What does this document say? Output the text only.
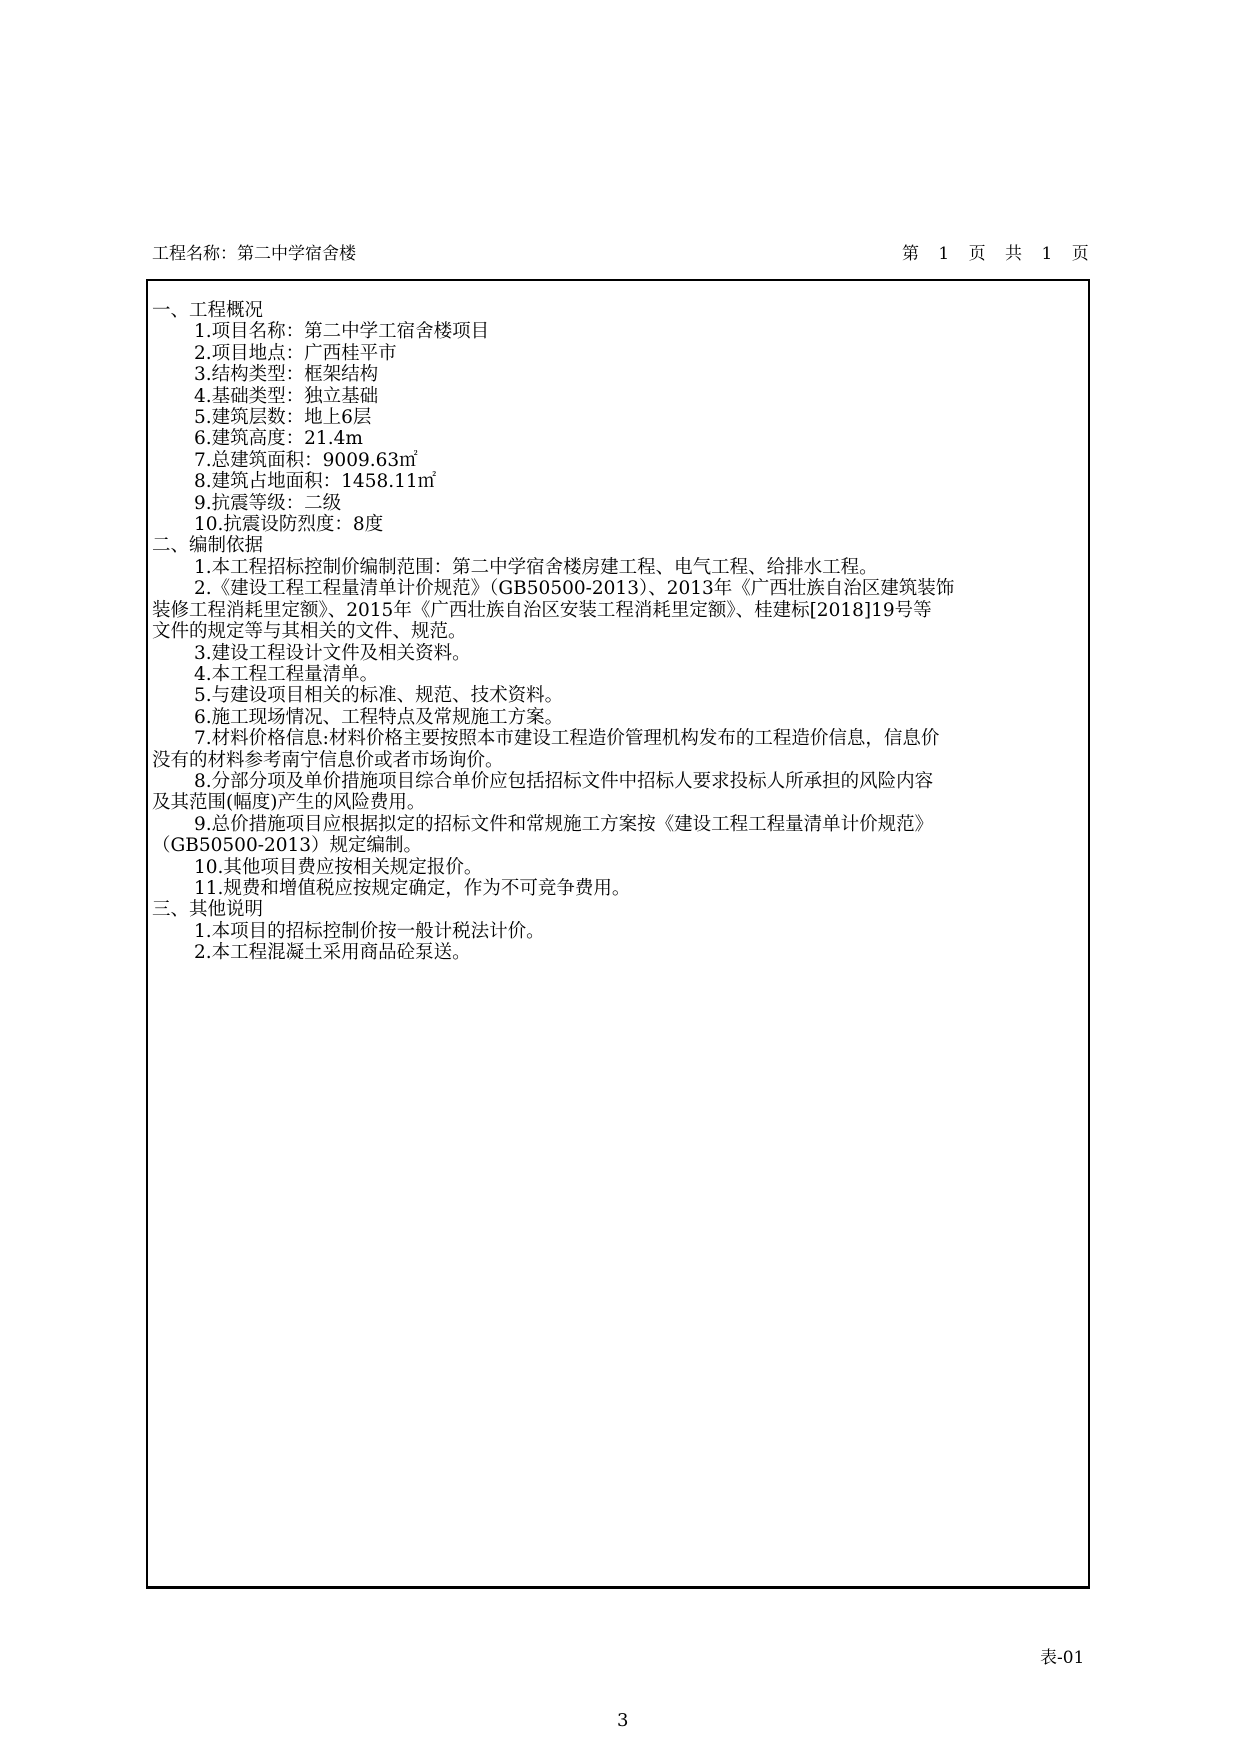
工程名称：第二中学宿舍楼	第 1 页 共 1 页
一、工程概况
1.项目名称：第二中学工宿舍楼项目
2.项目地点：广西桂平市
3.结构类型：框架结构
4.基础类型：独立基础
5.建筑层数：地上6层
6.建筑高度：21.4m
7.总建筑面积：9009.63㎡
8.建筑占地面积：1458.11㎡
9.抗震等级：二级
10.抗震设防烈度：8度
二、编制依据
1.本工程招标控制价编制范围：第二中学宿舍楼房建工程、电气工程、给排水工程。
2.《建设工程工程量清单计价规范》（GB50500-2013）、2013年《广西壮族自治区建筑装饰
装修工程消耗里定额》、2015年《广西壮族自治区安装工程消耗里定额》、桂建标[2018]19号等
文件的规定等与其相关的文件、规范。
3.建设工程设计文件及相关资料。
4.本工程工程量清单。
5.与建设项目相关的标准、规范、技术资料。
6.施工现场情况、工程特点及常规施工方案。
7.材料价格信息:材料价格主要按照本市建设工程造价管理机构发布的工程造价信息，信息价
没有的材料参考南宁信息价或者市场询价。
8.分部分项及单价措施项目综合单价应包括招标文件中招标人要求投标人所承担的风险内容
及其范围(幅度)产生的风险费用。
9.总价措施项目应根据拟定的招标文件和常规施工方案按《建设工程工程量清单计价规范》
（GB50500-2013）规定编制。
10.其他项目费应按相关规定报价。
11.规费和增值税应按规定确定，作为不可竞争费用。
三、其他说明
1.本项目的招标控制价按一般计税法计价。
2.本工程混凝土采用商品砼泵送。
表-01
3
